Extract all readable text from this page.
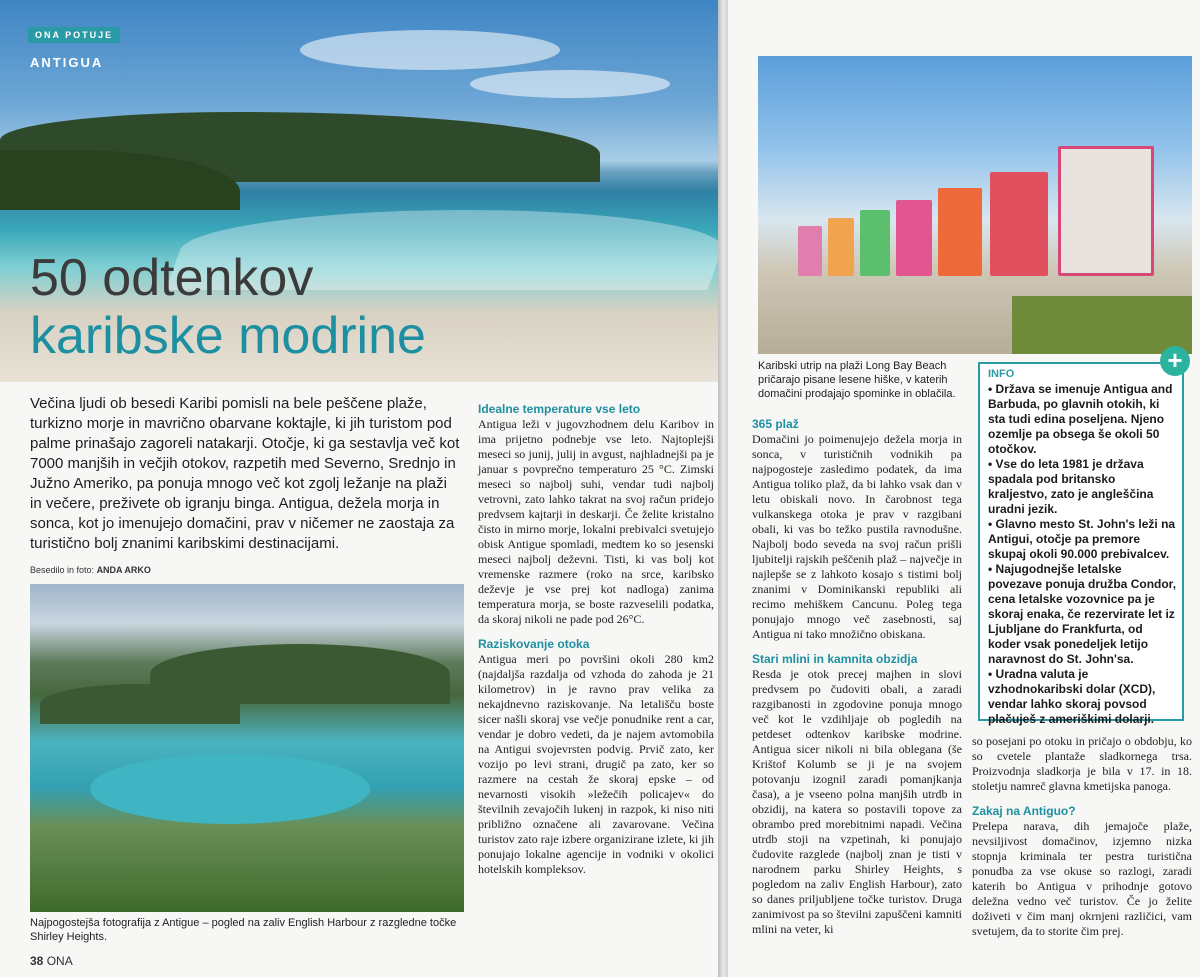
ONA POTUJE
ANTIGUA
50 odtenkov
karibske modrine
Večina ljudi ob besedi Karibi pomisli na bele peščene plaže, turkizno morje in mavrično obarvane koktajle, ki jih turistom pod palme prinašajo zagoreli natakarji. Otočje, ki ga sestavlja več kot 7000 manjših in večjih otokov, razpetih med Severno, Srednjo in Južno Ameriko, pa ponuja mnogo več kot zgolj ležanje na plaži in večere, preživete ob igranju binga. Antigua, dežela morja in sonca, kot jo imenujejo domačini, prav v ničemer ne zaostaja za turistično bolj znanimi karibskimi destinacijami.
Besedilo in foto: ANDA ARKO
Najpogostejša fotografija z Antigue – pogled na zaliv English Harbour z razgledne točke Shirley Heights.
38 ONA
Idealne temperature vse leto

Antigua leži v jugovzhodnem delu Karibov in ima prijetno podnebje vse leto. Najtoplejši meseci so junij, julij in avgust, najhladnejši pa je januar s povprečno temperaturo 25 °C. Zimski meseci so najbolj suhi, vendar tudi najbolj vetrovni, zato lahko takrat na svoj račun pridejo predvsem kajtarji in deskarji. Če želite kristalno čisto in mirno morje, lokalni prebivalci svetujejo obisk Antigue spomladi, medtem ko so jesenski meseci najbolj deževni. Tisti, ki vas bolj kot vremenske razmere (roko na srce, karibsko deževje je vse prej kot nadloga) zanima temperatura morja, se boste razveselili podatka, da skoraj nikoli ne pade pod 26°C.

Raziskovanje otoka

Antigua meri po površini okoli 280 km2 (najdaljša razdalja od vzhoda do zahoda je 21 kilometrov) in je ravno prav velika za nekajdnevno raziskovanje. Na letališču boste sicer našli skoraj vse večje ponudnike rent a car, vendar je dobro vedeti, da je najem avtomobila na Antigui svojevrsten podvig. Prvič zato, ker vozijo po levi strani, drugič pa zato, ker so razmere na cestah že skoraj epske – od nevarnosti visokih »ležečih policajev« do številnih zevajočih lukenj in razpok, ki niso niti približno označene ali zavarovane. Večina turistov zato raje izbere organizirane izlete, ki jih ponujajo lokalne agencije in vodniki v okolici hotelskih kompleksov.

Karibski utrip na plaži Long Bay Beach pričarajo pisane lesene hiške, v katerih domačini prodajajo spominke in oblačila.
365 plaž

Domačini jo poimenujejo dežela morja in sonca, v turističnih vodnikih pa najpogosteje zasledimo podatek, da ima Antigua toliko plaž, da bi lahko vsak dan v letu obiskali novo. In čarobnost tega vulkanskega otoka je prav v razgibani obali, ki vas bo težko pustila ravnodušne. Najbolj bodo seveda na svoj račun prišli ljubitelji rajskih peščenih plaž – največje in najlepše se z lahkoto kosajo s tistimi bolj znanimi v Dominikanski republiki ali recimo mehiškem Cancunu. Poleg tega ponujajo mnogo več zasebnosti, saj Antigua ni tako množično obiskana.

Stari mlini in kamnita obzidja

Resda je otok precej majhen in slovi predvsem po čudoviti obali, a zaradi razgibanosti in zgodovine ponuja mnogo več kot le vzdihljaje ob pogledih na petdeset odtenkov karibske modrine. Antigua sicer nikoli ni bila oblegana (še Krištof Kolumb se ji je na svojem potovanju izognil zaradi pomanjkanja časa), a je vseeno polna manjših utrdb in obzidij, na katera so postavili topove za obrambo pred morebitnimi napadi. Večina utrdb stoji na vzpetinah, ki ponujajo čudovite razglede (najbolj znan je tisti v narodnem parku Shirley Heights, s pogledom na zaliv English Harbour), zato so danes priljubljene točke turistov. Druga zanimivost pa so številni zapuščeni kamniti mlini na veter, ki

INFO
• Država se imenuje Antigua and Barbuda, po glavnih otokih, ki sta tudi edina poseljena. Njeno ozemlje pa obsega še okoli 50 otočkov.
• Vse do leta 1981 je država spadala pod britansko kraljestvo, zato je angleščina uradni jezik.
• Glavno mesto St. John's leži na Antigui, otočje pa premore skupaj okoli 90.000 prebivalcev.
• Najugodnejše letalske povezave ponuja družba Condor, cena letalske vozovnice pa je skoraj enaka, če rezervirate let iz Ljubljane do Frankfurta, od koder vsak ponedeljek letijo naravnost do St. John'sa.
• Uradna valuta je vzhodnokaribski dolar (XCD), vendar lahko skoraj povsod plačuješ z ameriškimi dolarji.
+

so posejani po otoku in pričajo o obdobju, ko so cvetele plantaže sladkornega trsa. Proizvodnja sladkorja je bila v 17. in 18. stoletju namreč glavna kmetijska panoga.

Zakaj na Antiguo?

Prelepa narava, dih jemajoče plaže, nevsiljivost domačinov, izjemno nizka stopnja kriminala ter pestra turistična ponudba za vse okuse so razlogi, zaradi katerih bo Antigua v prihodnje gotovo deležna vedno več turistov. Če jo želite doživeti v čim manj okrnjeni različici, vam svetujem, da to storite čim prej.
